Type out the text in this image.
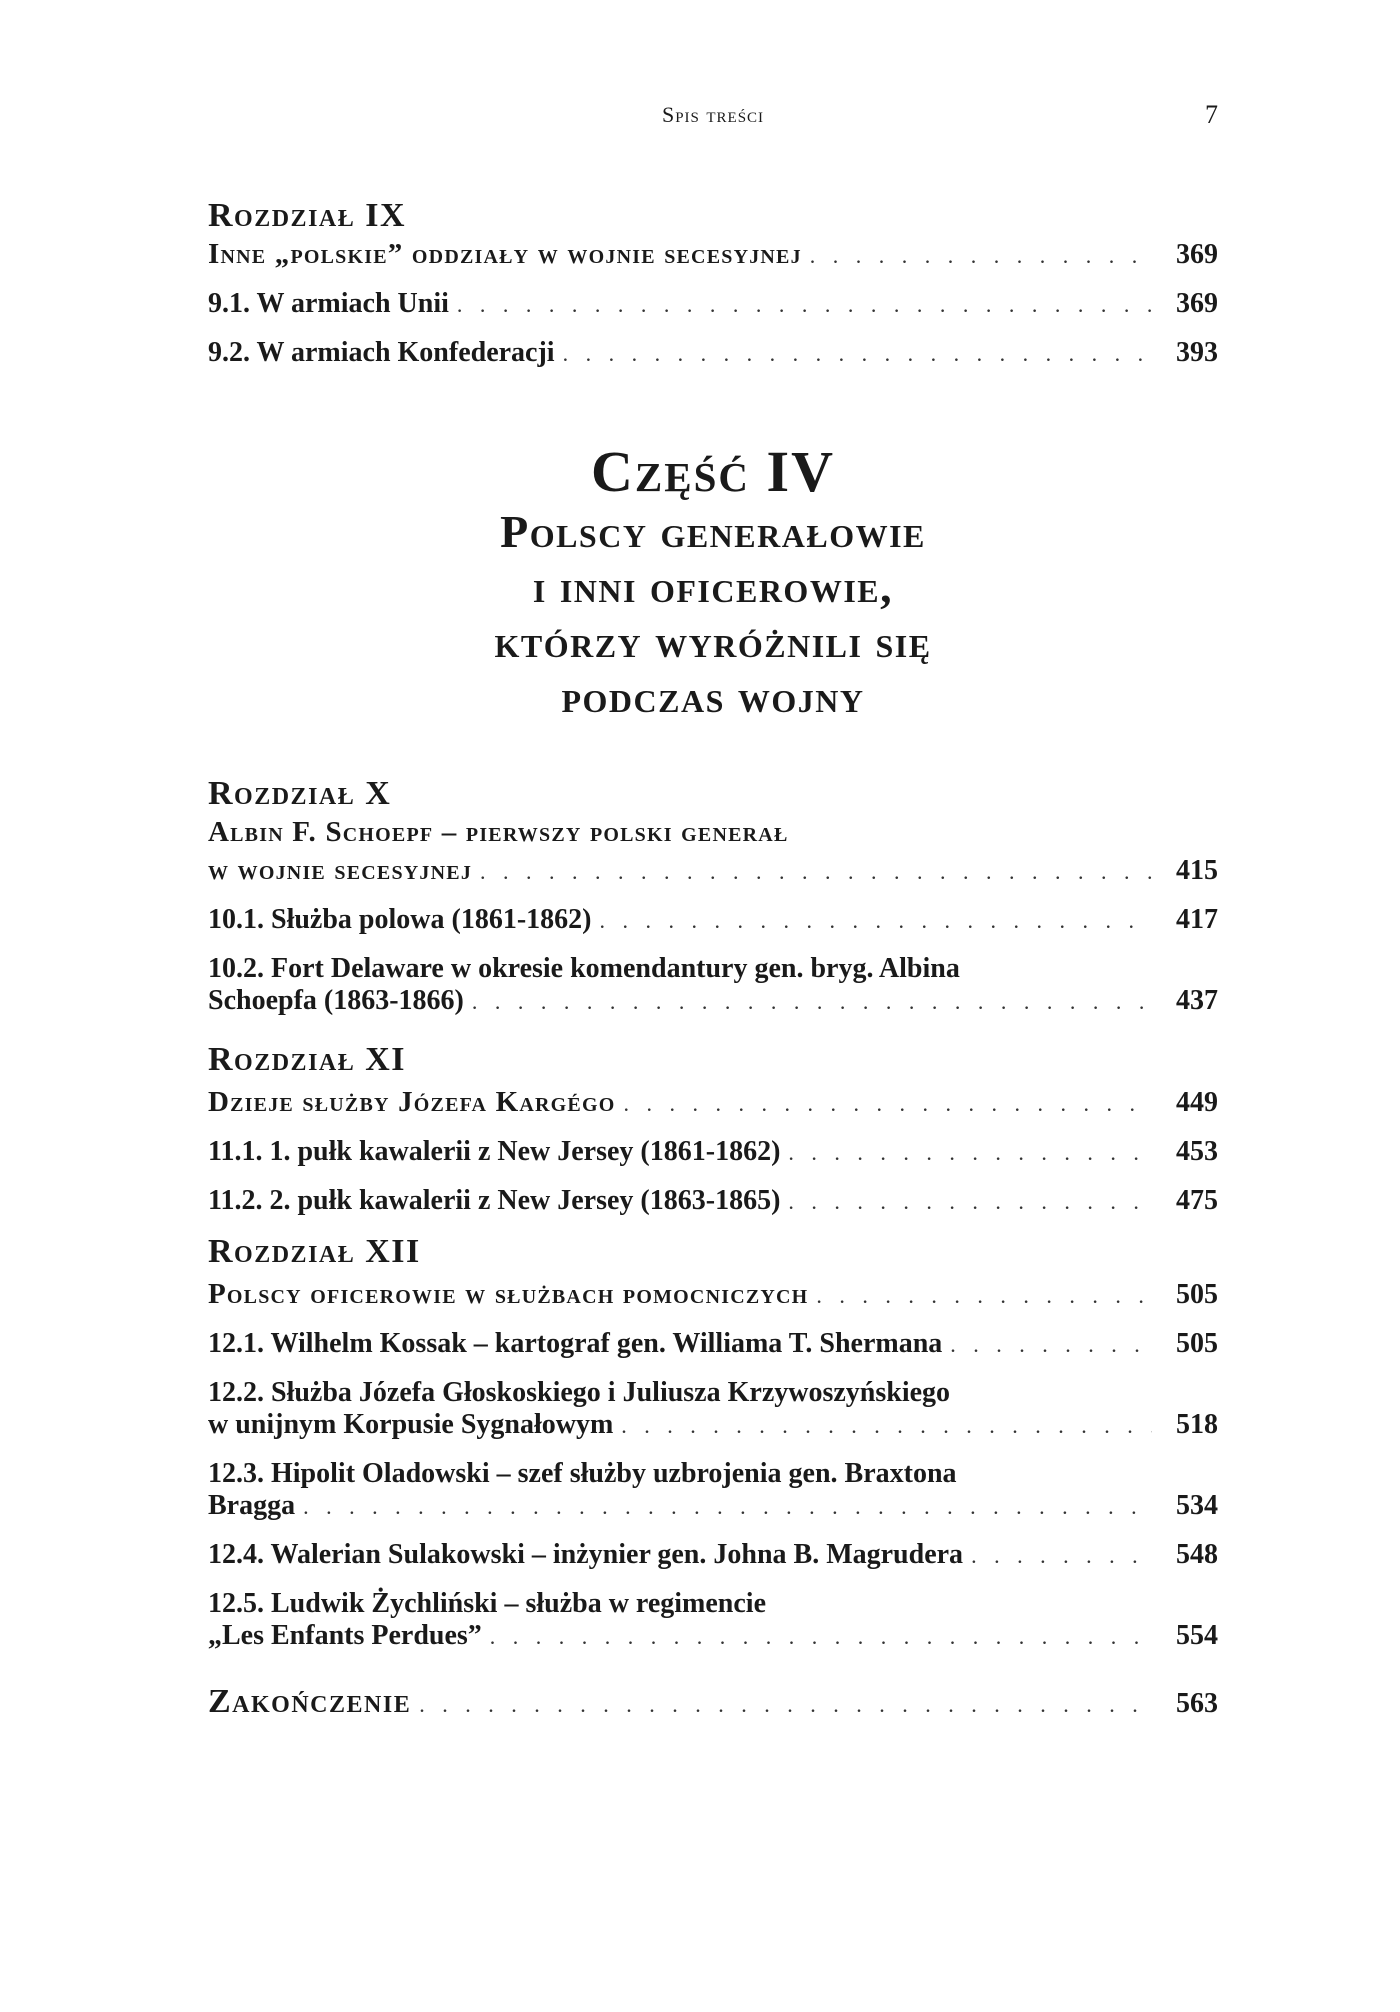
Spis treści	7
Rozdział IX
Inne „polskie” oddziały w wojnie secesyjnej . . .	369
9.1. W armiach Unii . . .	369
9.2. W armiach Konfederacji . . .	393
Część IV
Polscy generałowie
i inni oficerowie,
którzy wyróżnili się
podczas wojny
Rozdział X
Albin F. Schoepf – pierwszy polski generał
w wojnie secesyjnej . . .	415
10.1. Służba polowa (1861-1862) . . .	417
10.2. Fort Delaware w okresie komendantury gen. bryg. Albina
Schoepfa (1863-1866) . . .	437
Rozdział XI
Dzieje służby Józefa Kargégo . . .	449
11.1. 1. pułk kawalerii z New Jersey (1861-1862) . . .	453
11.2. 2. pułk kawalerii z New Jersey (1863-1865) . . .	475
Rozdział XII
Polscy oficerowie w służbach pomocniczych . . .	505
12.1. Wilhelm Kossak – kartograf gen. Williama T. Shermana . . .	505
12.2. Służba Józefa Głoskoskiego i Juliusza Krzywoszyńskiego
w unijnym Korpusie Sygnałowym . . .	518
12.3. Hipolit Oladowski – szef służby uzbrojenia gen. Braxtona
Bragga . . .	534
12.4. Walerian Sulakowski – inżynier gen. Johna B. Magrudera . . .	548
12.5. Ludwik Żychliński – służba w regimencie
„Les Enfants Perdues” . . .	554
Zakończenie . . .	563
